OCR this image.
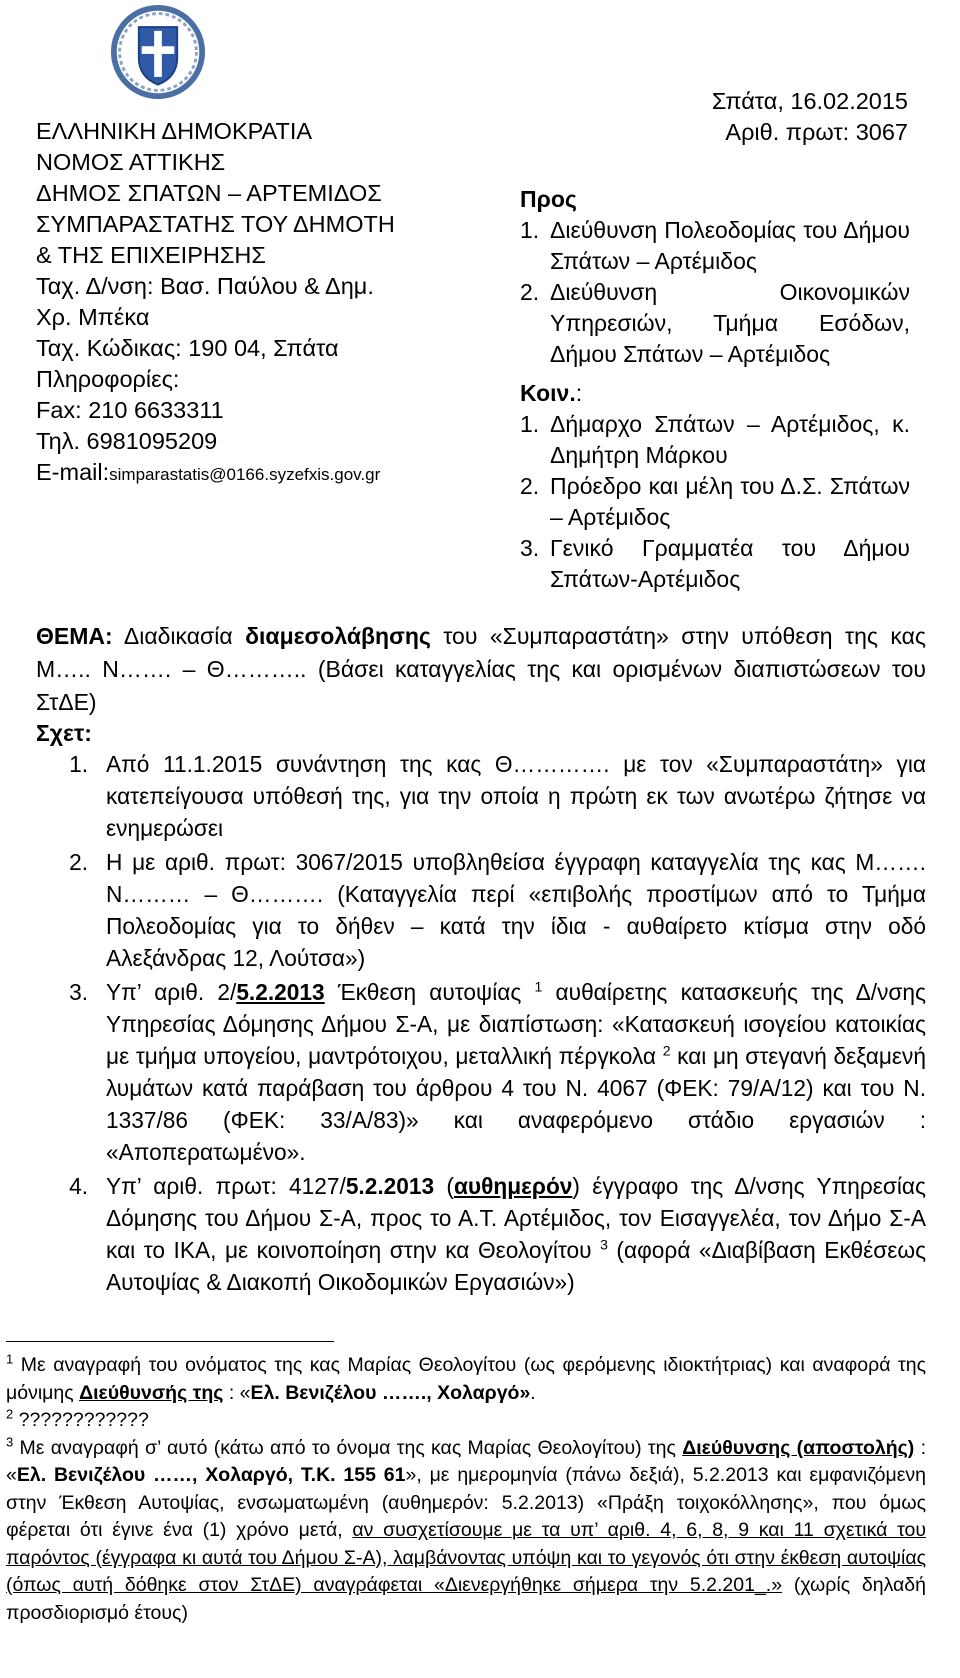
ΕΛΛΗΝΙΚΗ ΔΗΜΟΚΡΑΤΙΑ
ΝΟΜΟΣ ΑΤΤΙΚΗΣ
ΔΗΜΟΣ ΣΠΑΤΩΝ – ΑΡΤΕΜΙΔΟΣ
ΣΥΜΠΑΡΑΣΤΑΤΗΣ ΤΟΥ ΔΗΜΟΤΗ
& ΤΗΣ ΕΠΙΧΕΙΡΗΣΗΣ
Ταχ. Δ/νση: Βασ. Παύλου & Δημ.
Χρ. Μπέκα
Ταχ. Κώδικας: 190 04, Σπάτα
Πληροφορίες:
Fax: 210 6633311
Τηλ. 6981095209
E-mail:simparastatis@0166.syzefxis.gov.gr
Σπάτα, 16.02.2015
Αριθ. πρωτ: 3067
Προς
1. Διεύθυνση Πολεοδομίας του Δήμου Σπάτων – Αρτέμιδος
2. Διεύθυνση Οικονομικών Υπηρεσιών, Τμήμα Εσόδων, Δήμου Σπάτων – Αρτέμιδος
Κοιν.:
1. Δήμαρχο Σπάτων – Αρτέμιδος, κ. Δημήτρη Μάρκου
2. Πρόεδρο και μέλη του Δ.Σ. Σπάτων – Αρτέμιδος
3. Γενικό Γραμματέα του Δήμου Σπάτων-Αρτέμιδος
ΘΕΜΑ: Διαδικασία διαμεσολάβησης του «Συμπαραστάτη» στην υπόθεση της κας Μ….. Ν……. – Θ……….. (Βάσει καταγγελίας της και ορισμένων διαπιστώσεων του ΣτΔΕ)
Σχετ:
1. Από 11.1.2015 συνάντηση της κας Θ…………. με τον «Συμπαραστάτη» για κατεπείγουσα υπόθεσή της, για την οποία η πρώτη εκ των ανωτέρω ζήτησε να ενημερώσει
2. Η με αριθ. πρωτ: 3067/2015 υποβληθείσα έγγραφη καταγγελία της κας Μ……. Ν……… – Θ………. (Καταγγελία περί «επιβολής προστίμων από το Τμήμα Πολεοδομίας για το δήθεν – κατά την ίδια - αυθαίρετο κτίσμα στην οδό Αλεξάνδρας 12, Λούτσα»)
3. Υπ’ αριθ. 2/5.2.2013 Έκθεση αυτοψίας $^1$ αυθαίρετης κατασκευής της Δ/νσης Υπηρεσίας Δόμησης Δήμου Σ-Α, με διαπίστωση: «Κατασκευή ισογείου κατοικίας με τμήμα υπογείου, μαντρότοιχου, μεταλλική πέργκολα $^2$ και μη στεγανή δεξαμενή λυμάτων κατά παράβαση του άρθρου 4 του Ν. 4067 (ΦΕΚ: 79/Α/12) και του Ν. 1337/86 (ΦΕΚ: 33/Α/83)» και αναφερόμενο στάδιο εργασιών : «Αποπερατωμένο».
4. Υπ’ αριθ. πρωτ: 4127/5.2.2013 (αυθημερόν) έγγραφο της Δ/νσης Υπηρεσίας Δόμησης του Δήμου Σ-Α, προς το Α.Τ. Αρτέμιδος, τον Εισαγγελέα, τον Δήμο Σ-Α και το ΙΚΑ, με κοινοποίηση στην κα Θεολογίτου $^3$ (αφορά «Διαβίβαση Εκθέσεως Αυτοψίας & Διακοπή Οικοδομικών Εργασιών»)

$^1$ Με αναγραφή του ονόματος της κας Μαρίας Θεολογίτου (ως φερόμενης ιδιοκτήτριας) και αναφορά της μόνιμης Διεύθυνσής της : «Ελ. Βενιζέλου ……., Χολαργό».

$^2$ ????????????

$^3$ Με αναγραφή σ’ αυτό (κάτω από το όνομα της κας Μαρίας Θεολογίτου) της Διεύθυνσης (αποστολής) : «Ελ. Βενιζέλου ……, Χολαργό, Τ.Κ. 155 61», με ημερομηνία (πάνω δεξιά), 5.2.2013 και εμφανιζόμενη στην Έκθεση Αυτοψίας, ενσωματωμένη (αυθημερόν: 5.2.2013) «Πράξη τοιχοκόλλησης», που όμως φέρεται ότι έγινε ένα (1) χρόνο μετά, αν συσχετίσουμε με τα υπ’ αριθ. 4, 6, 8, 9 και 11 σχετικά του παρόντος (έγγραφα κι αυτά του Δήμου Σ-Α), λαμβάνοντας υπόψη και το γεγονός ότι στην έκθεση αυτοψίας (όπως αυτή δόθηκε στον ΣτΔΕ) αναγράφεται «Διενεργήθηκε σήμερα την 5.2.201_.» (χωρίς δηλαδή προσδιορισμό έτους)
